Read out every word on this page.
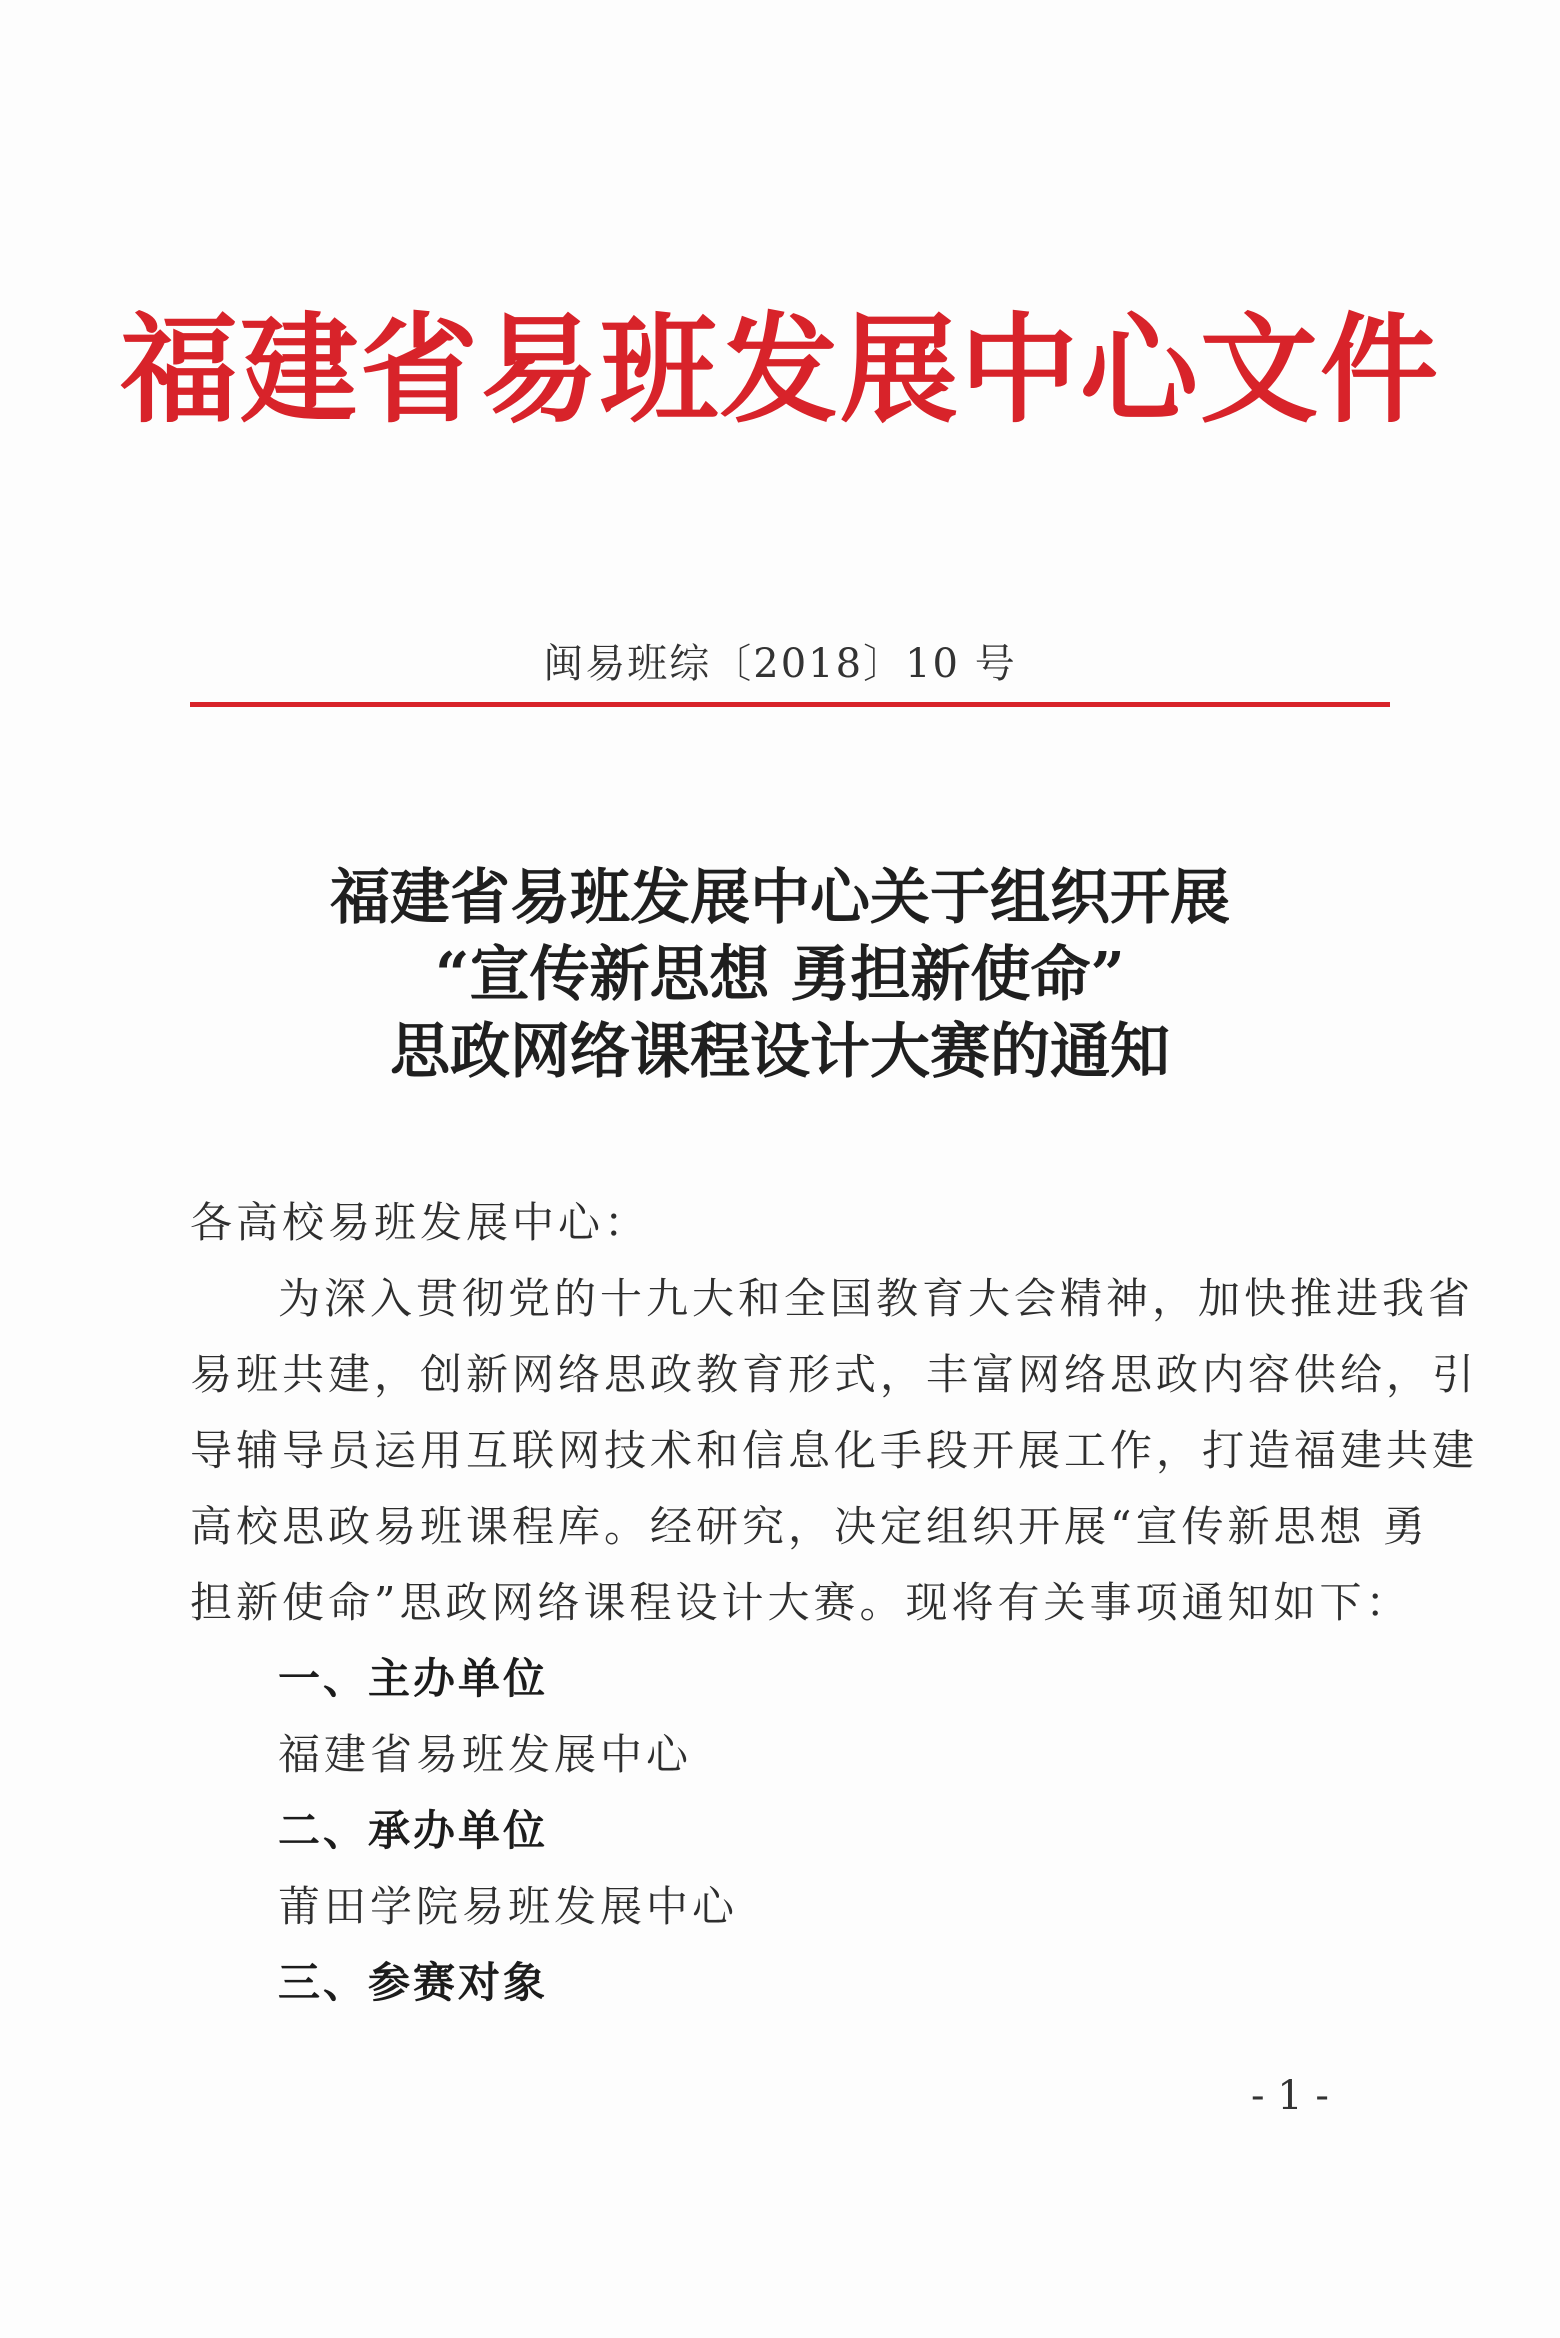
福建省易班发展中心文件
闽易班综〔2018〕10 号
福建省易班发展中心关于组织开展
“宣传新思想 勇担新使命”
思政网络课程设计大赛的通知
各高校易班发展中心：
为深入贯彻党的十九大和全国教育大会精神，加快推进我省
易班共建，创新网络思政教育形式，丰富网络思政内容供给，引
导辅导员运用互联网技术和信息化手段开展工作，打造福建共建
高校思政易班课程库。经研究，决定组织开展“宣传新思想 勇
担新使命”思政网络课程设计大赛。现将有关事项通知如下：
一、主办单位
福建省易班发展中心
二、承办单位
莆田学院易班发展中心
三、参赛对象
- 1 -
